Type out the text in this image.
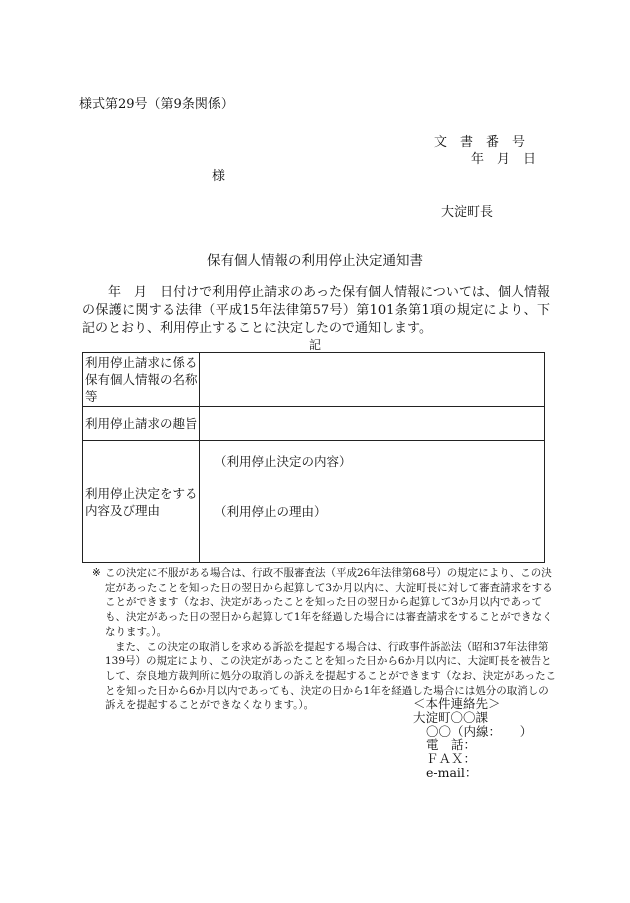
様式第29号（第9条関係）
文　書　番　号
年　月　日
様
大淀町長
保有個人情報の利用停止決定通知書

　　年　月　日付けで利用停止請求のあった保有個人情報については、個人情報の保護に関する法律（平成15年法律第57号）第101条第1項の規定により、下記のとおり、利用停止することに決定したので通知します。

記
利用停止請求に係る保有個人情報の名称等	
利用停止請求の趣旨	
利用停止決定をする内容及び理由	（利用停止決定の内容）
（利用停止の理由）
※ この決定に不服がある場合は、行政不服審査法（平成26年法律第68号）の規定により、この決定があったことを知った日の翌日から起算して3か月以内に、大淀町長に対して審査請求をすることができます（なお、決定があったことを知った日の翌日から起算して3か月以内であっても、決定があった日の翌日から起算して1年を経過した場合には審査請求をすることができなくなります。）。

また、この決定の取消しを求める訴訟を提起する場合は、行政事件訴訟法（昭和37年法律第139号）の規定により、この決定があったことを知った日から6か月以内に、大淀町長を被告として、奈良地方裁判所に処分の取消しの訴えを提起することができます（なお、決定があったことを知った日から6か月以内であっても、決定の日から1年を経過した場合には処分の取消しの訴えを提起することができなくなります。）。	＜本件連絡先＞
大淀町〇〇課
〇〇（内線：　　）
電　話：
ＦＡＸ：
e-mail：
